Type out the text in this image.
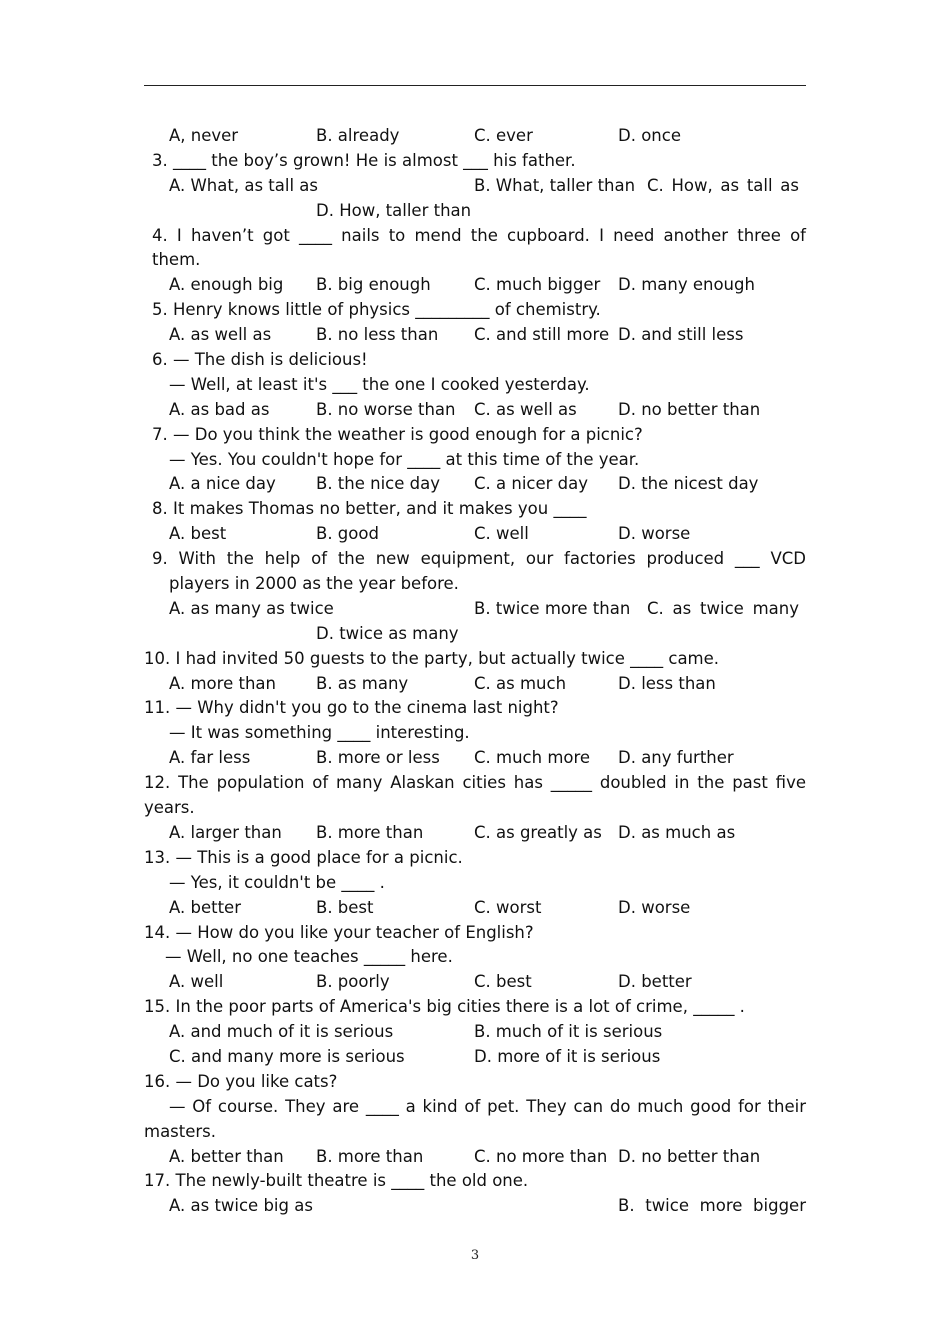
A, never	B. already	C. ever	D. once
3. ____ the boy’s grown! He is almost ___ his father.
A. What, as tall as	B. What, taller than C. How, as tall as
D. How, taller than
4. I haven’t got ____ nails to mend the cupboard. I need another three of
them.
A. enough big B. big enough	C. much bigger D. many enough
5. Henry knows little of physics _________ of chemistry.
A. as well as	B. no less than C. and still more D. and still less
6. — The dish is delicious!
— Well, at least it's ___ the one I cooked yesterday.
A. as bad as	B. no worse than C. as well as	D. no better than
7. — Do you think the weather is good enough for a picnic?
— Yes. You couldn't hope for ____ at this time of the year.
A. a nice day B. the nice day C. a nicer day D. the nicest day
8. It makes Thomas no better, and it makes you ____
A. best	B. good	C. well	D. worse
9. With the help of the new equipment, our factories produced ___ VCD
players in 2000 as the year before.
A. as many as twice	B. twice more than C. as twice many
D. twice as many
10. I had invited 50 guests to the party, but actually twice ____ came.
A. more than B. as many	C. as much	D. less than
11. — Why didn't you go to the cinema last night?
— It was something ____ interesting.
A. far less	B. more or less C. much more D. any further
12. The population of many Alaskan cities has _____ doubled in the past five
years.
A. larger than B. more than	C. as greatly as D. as much as
13. — This is a good place for a picnic.
— Yes, it couldn't be ____ .
A. better	B. best	C. worst	D. worse
14. — How do you like your teacher of English?
— Well, no one teaches _____ here.
A. well	B. poorly	C. best	D. better
15. In the poor parts of America's big cities there is a lot of crime, _____ .
A. and much of it is serious	B. much of it is serious
C. and many more is serious	D. more of it is serious
16. — Do you like cats?
— Of course. They are ____ a kind of pet. They can do much good for their
masters.
A. better than B. more than	C. no more than D. no better than
17. The newly-built theatre is ____ the old one.
A. as twice big as	B.  twice  more  bigger
3
